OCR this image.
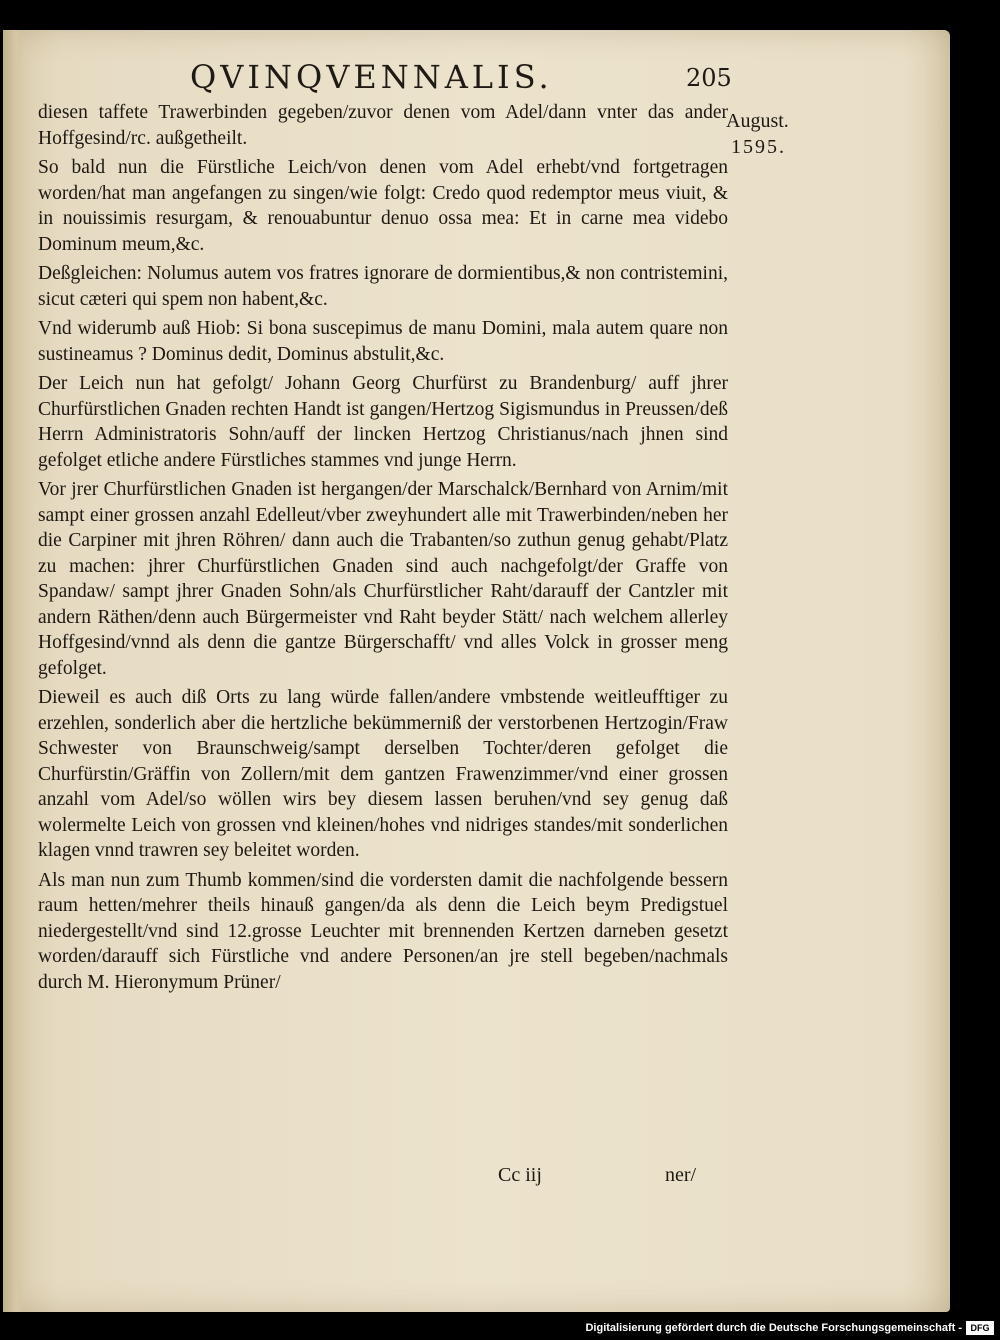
QVINQVENNALIS.	205
August.
1595.

diesen taffete Trawerbinden gegeben/zuvor denen vom Adel/dann vnter das ander Hoffgesind/rc. außgetheilt.

So bald nun die Fürstliche Leich/von denen vom Adel erhebt/vnd fortgetragen worden/hat man angefangen zu singen/wie folgt: Credo quod redemptor meus viuit, & in nouissimis resurgam, & renouabuntur denuo ossa mea: Et in carne mea videbo Dominum meum,&c.

Deßgleichen: Nolumus autem vos fratres ignorare de dormientibus,& non contristemini, sicut cæteri qui spem non habent,&c.

Vnd widerumb auß Hiob: Si bona suscepimus de manu Domini, mala autem quare non sustineamus ? Dominus dedit, Dominus abstulit,&c.

Der Leich nun hat gefolgt/ Johann Georg Churfürst zu Brandenburg/ auff jhrer Churfürstlichen Gnaden rechten Handt ist gangen/Hertzog Sigismundus in Preussen/deß Herrn Administratoris Sohn/auff der lincken Hertzog Christianus/nach jhnen sind gefolget etliche andere Fürstliches stammes vnd junge Herrn.

Vor jrer Churfürstlichen Gnaden ist hergangen/der Marschalck/Bernhard von Arnim/mit sampt einer grossen anzahl Edelleut/vber zweyhundert alle mit Trawerbinden/neben her die Carpiner mit jhren Röhren/ dann auch die Trabanten/so zuthun genug gehabt/Platz zu machen: jhrer Churfürstlichen Gnaden sind auch nachgefolgt/der Graffe von Spandaw/ sampt jhrer Gnaden Sohn/als Churfürstlicher Raht/darauff der Cantzler mit andern Räthen/denn auch Bürgermeister vnd Raht beyder Stätt/ nach welchem allerley Hoffgesind/vnnd als denn die gantze Bürgerschafft/ vnd alles Volck in grosser meng gefolget.

Dieweil es auch diß Orts zu lang würde fallen/andere vmbstende weitleufftiger zu erzehlen, sonderlich aber die hertzliche bekümmerniß der verstorbenen Hertzogin/Fraw Schwester von Braunschweig/sampt derselben Tochter/deren gefolget die Churfürstin/Gräffin von Zollern/mit dem gantzen Frawenzimmer/vnd einer grossen anzahl vom Adel/so wöllen wirs bey diesem lassen beruhen/vnd sey genug daß wolermelte Leich von grossen vnd kleinen/hohes vnd nidriges standes/mit sonderlichen klagen vnnd trawren sey beleitet worden.

Als man nun zum Thumb kommen/sind die vordersten damit die nachfolgende bessern raum hetten/mehrer theils hinauß gangen/da als denn die Leich beym Predigstuel niedergestellt/vnd sind 12.grosse Leuchter mit brennenden Kertzen darneben gesetzt worden/darauff sich Fürstliche vnd andere Personen/an jre stell begeben/nachmals durch M. Hieronymum Prüner/

Cc iij	ner/
Digitalisierung gefördert durch die Deutsche Forschungsgemeinschaft - DFG
